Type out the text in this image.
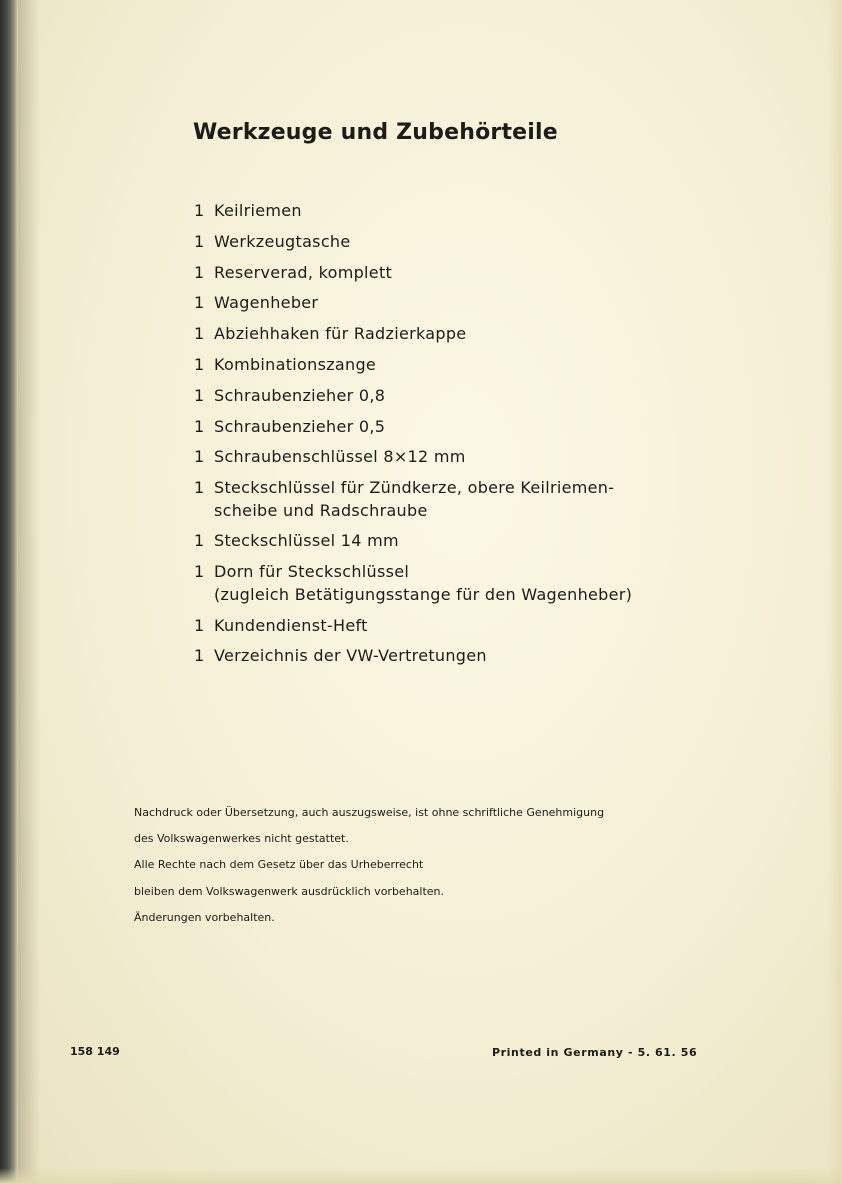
Werkzeuge und Zubehörteile
1 Keilriemen
1 Werkzeugtasche
1 Reserverad, komplett
1 Wagenheber
1 Abziehhaken für Radzierkappe
1 Kombinationszange
1 Schraubenzieher 0,8
1 Schraubenzieher 0,5
1 Schraubenschlüssel 8×12 mm
1 Steckschlüssel für Zündkerze, obere Keilriemen-
scheibe und Radschraube
1 Steckschlüssel 14 mm
1 Dorn für Steckschlüssel
(zugleich Betätigungsstange für den Wagenheber)
1 Kundendienst-Heft
1 Verzeichnis der VW-Vertretungen
Nachdruck oder Übersetzung, auch auszugsweise, ist ohne schriftliche Genehmigung
des Volkswagenwerkes nicht gestattet.
Alle Rechte nach dem Gesetz über das Urheberrecht
bleiben dem Volkswagenwerk ausdrücklich vorbehalten.
Änderungen vorbehalten.
158 149	Printed in Germany - 5. 61. 56
